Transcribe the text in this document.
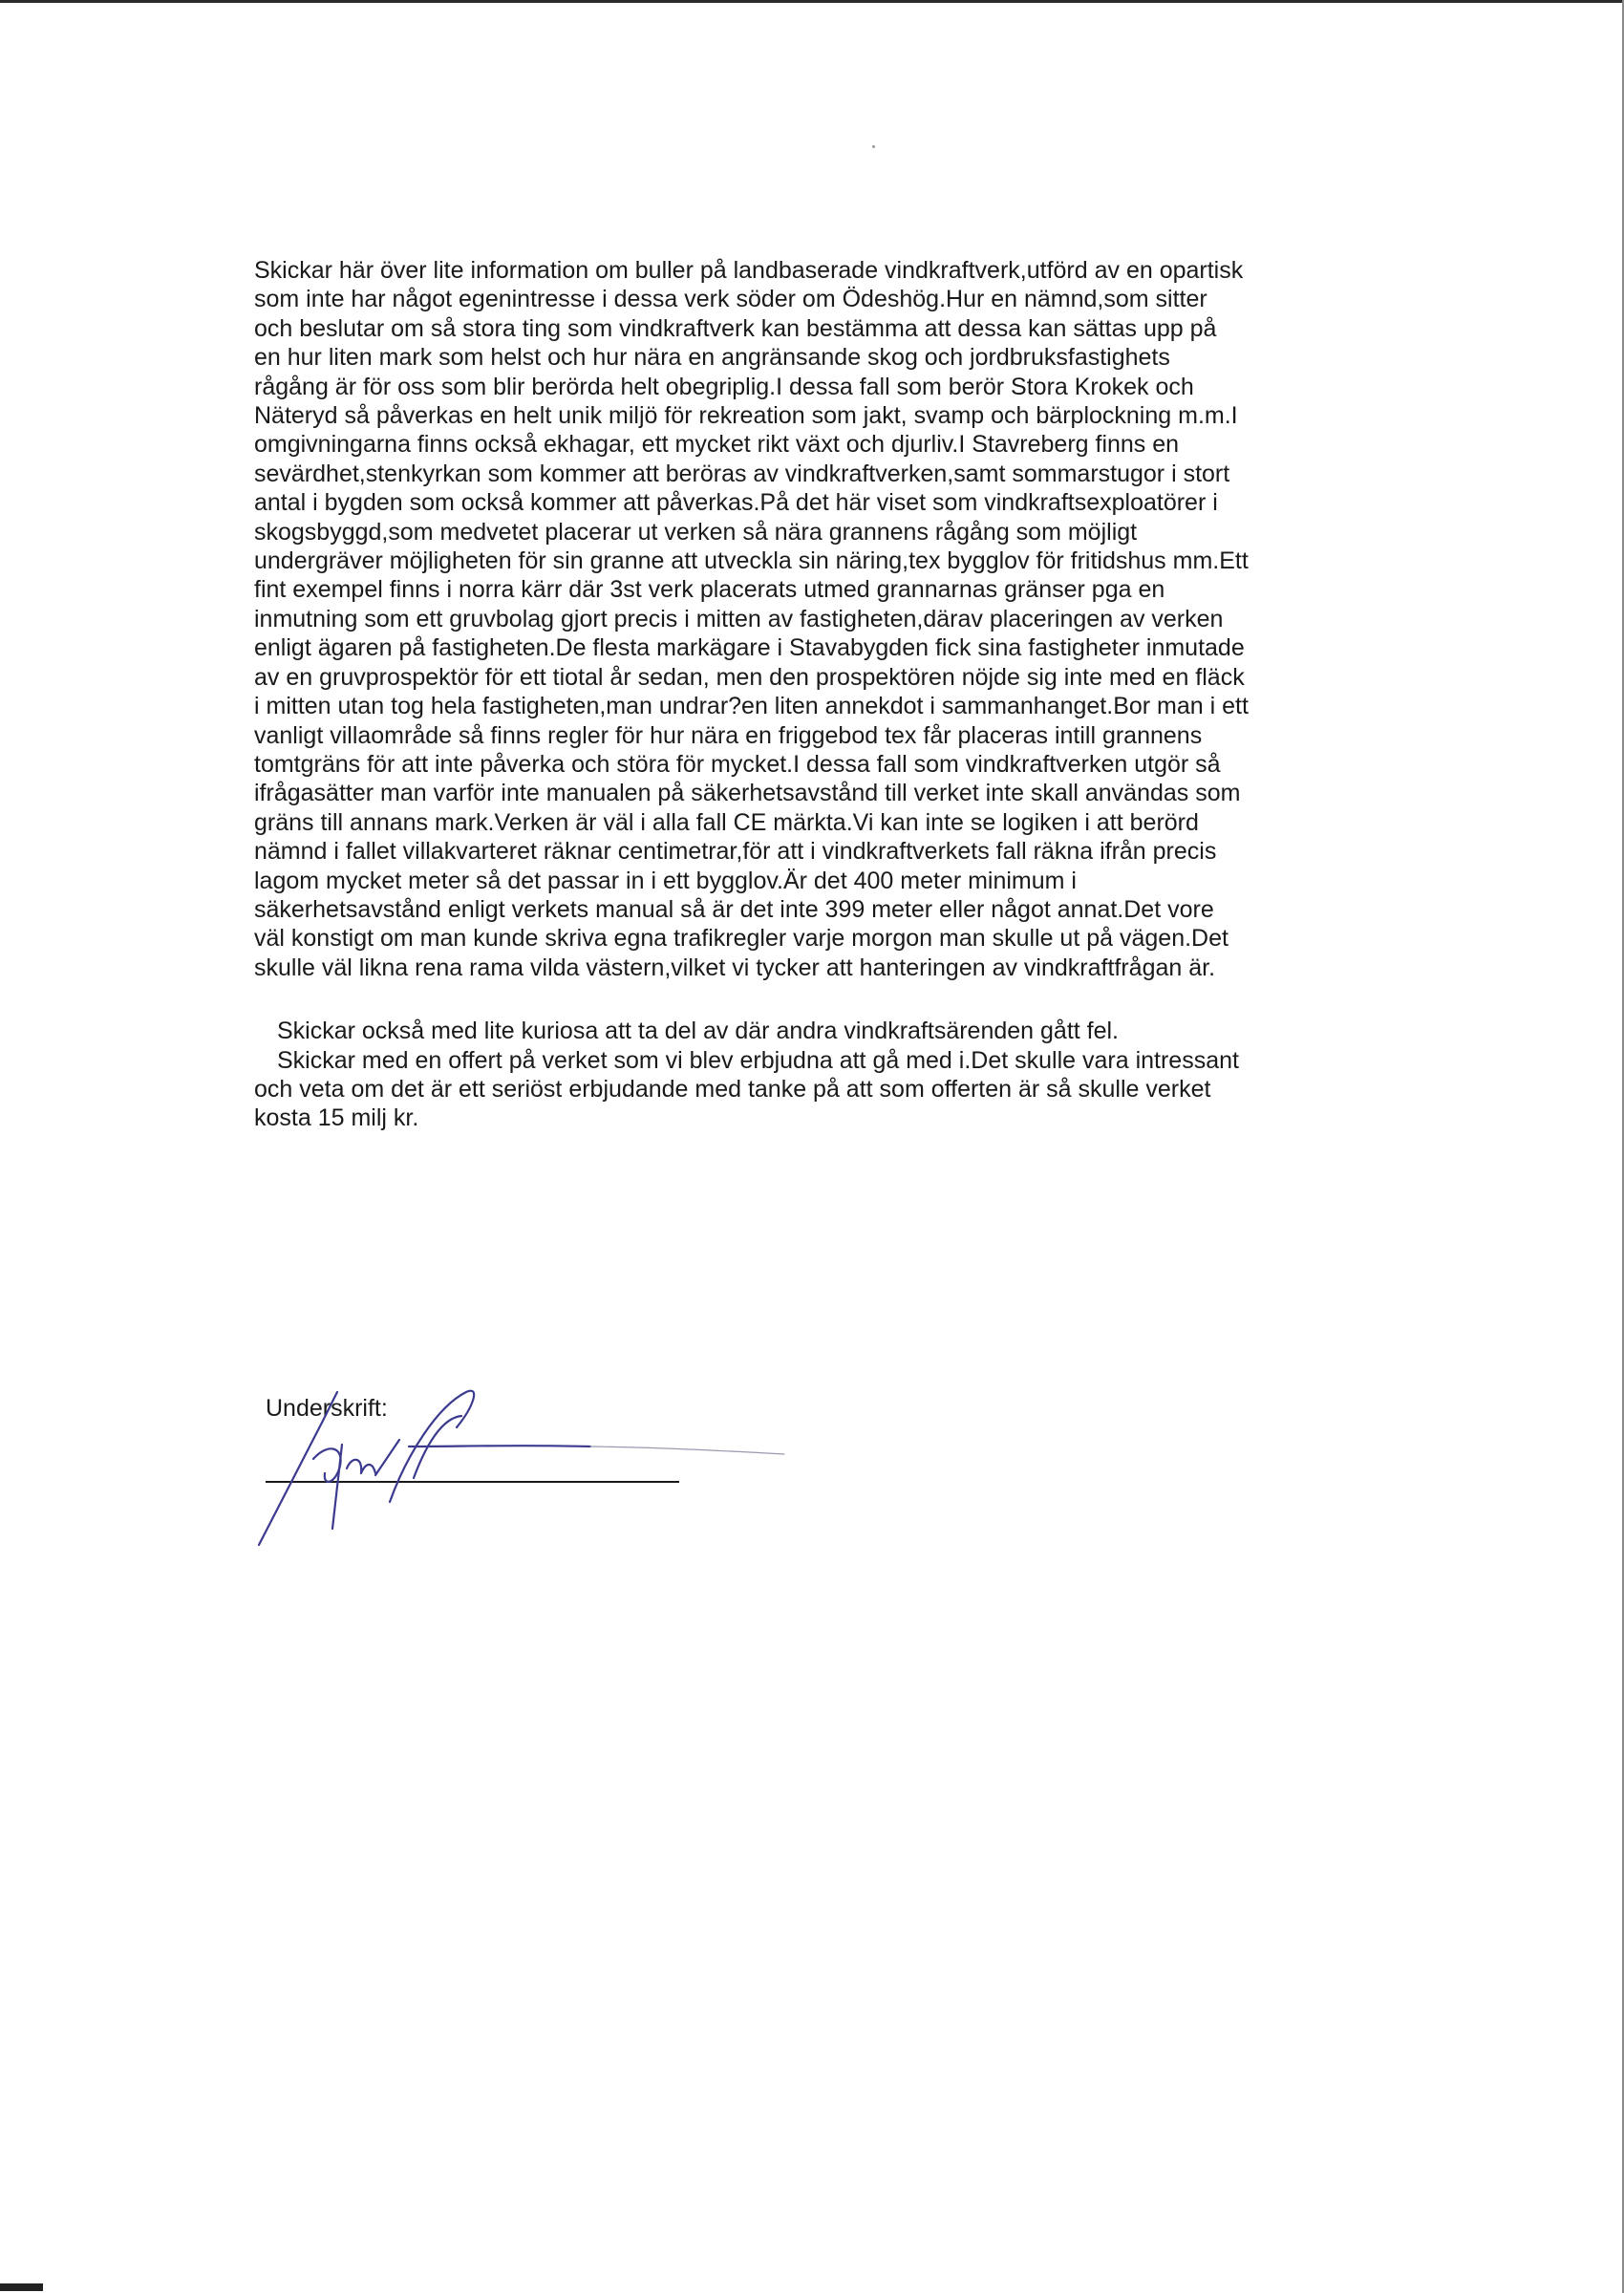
Skickar här över lite information om buller på landbaserade vindkraftverk,utförd av en opartisk
som inte har något egenintresse i dessa verk söder om Ödeshög.Hur en nämnd,som sitter
och beslutar om så stora ting som vindkraftverk kan bestämma att dessa kan sättas upp på
en hur liten mark som helst och hur nära en angränsande skog och jordbruksfastighets
rågång är för oss som blir berörda helt obegriplig.I dessa fall som berör Stora Krokek och
Näteryd så påverkas en helt unik miljö för rekreation som jakt, svamp och bärplockning m.m.I
omgivningarna finns också ekhagar, ett mycket rikt växt och djurliv.I Stavreberg finns en
sevärdhet,stenkyrkan som kommer att beröras av vindkraftverken,samt sommarstugor i stort
antal i bygden som också kommer att påverkas.På det här viset som vindkraftsexploatörer i
skogsbyggd,som medvetet placerar ut verken så nära grannens rågång som möjligt
undergräver möjligheten för sin granne att utveckla sin näring,tex bygglov för fritidshus mm.Ett
fint exempel finns i norra kärr där 3st verk placerats utmed grannarnas gränser pga en
inmutning som ett gruvbolag gjort precis i mitten av fastigheten,därav placeringen av verken
enligt ägaren på fastigheten.De flesta markägare i Stavabygden fick sina fastigheter inmutade
av en gruvprospektör för ett tiotal år sedan, men den prospektören nöjde sig inte med en fläck
i mitten utan tog hela fastigheten,man undrar?en liten annekdot i sammanhanget.Bor man i ett
vanligt villaområde så finns regler för hur nära en friggebod tex får placeras intill grannens
tomtgräns för att inte påverka och störa för mycket.I dessa fall som vindkraftverken utgör så
ifrågasätter man varför inte manualen på säkerhetsavstånd till verket inte skall användas som
gräns till annans mark.Verken är väl i alla fall CE märkta.Vi kan inte se logiken i att berörd
nämnd i fallet villakvarteret räknar centimetrar,för att i vindkraftverkets fall räkna ifrån precis
lagom mycket meter så det passar in i ett bygglov.Är det 400 meter minimum i
säkerhetsavstånd enligt verkets manual så är det inte 399 meter eller något annat.Det vore
väl konstigt om man kunde skriva egna trafikregler varje morgon man skulle ut på vägen.Det
skulle väl likna rena rama vilda västern,vilket vi tycker att hanteringen av vindkraftfrågan är.

Skickar också med lite kuriosa att ta del av där andra vindkraftsärenden gått fel.
Skickar med en offert på verket som vi blev erbjudna att gå med i.Det skulle vara intressant
och veta om det är ett seriöst erbjudande med tanke på att som offerten är så skulle verket
kosta 15 milj kr.

Underskrift:
